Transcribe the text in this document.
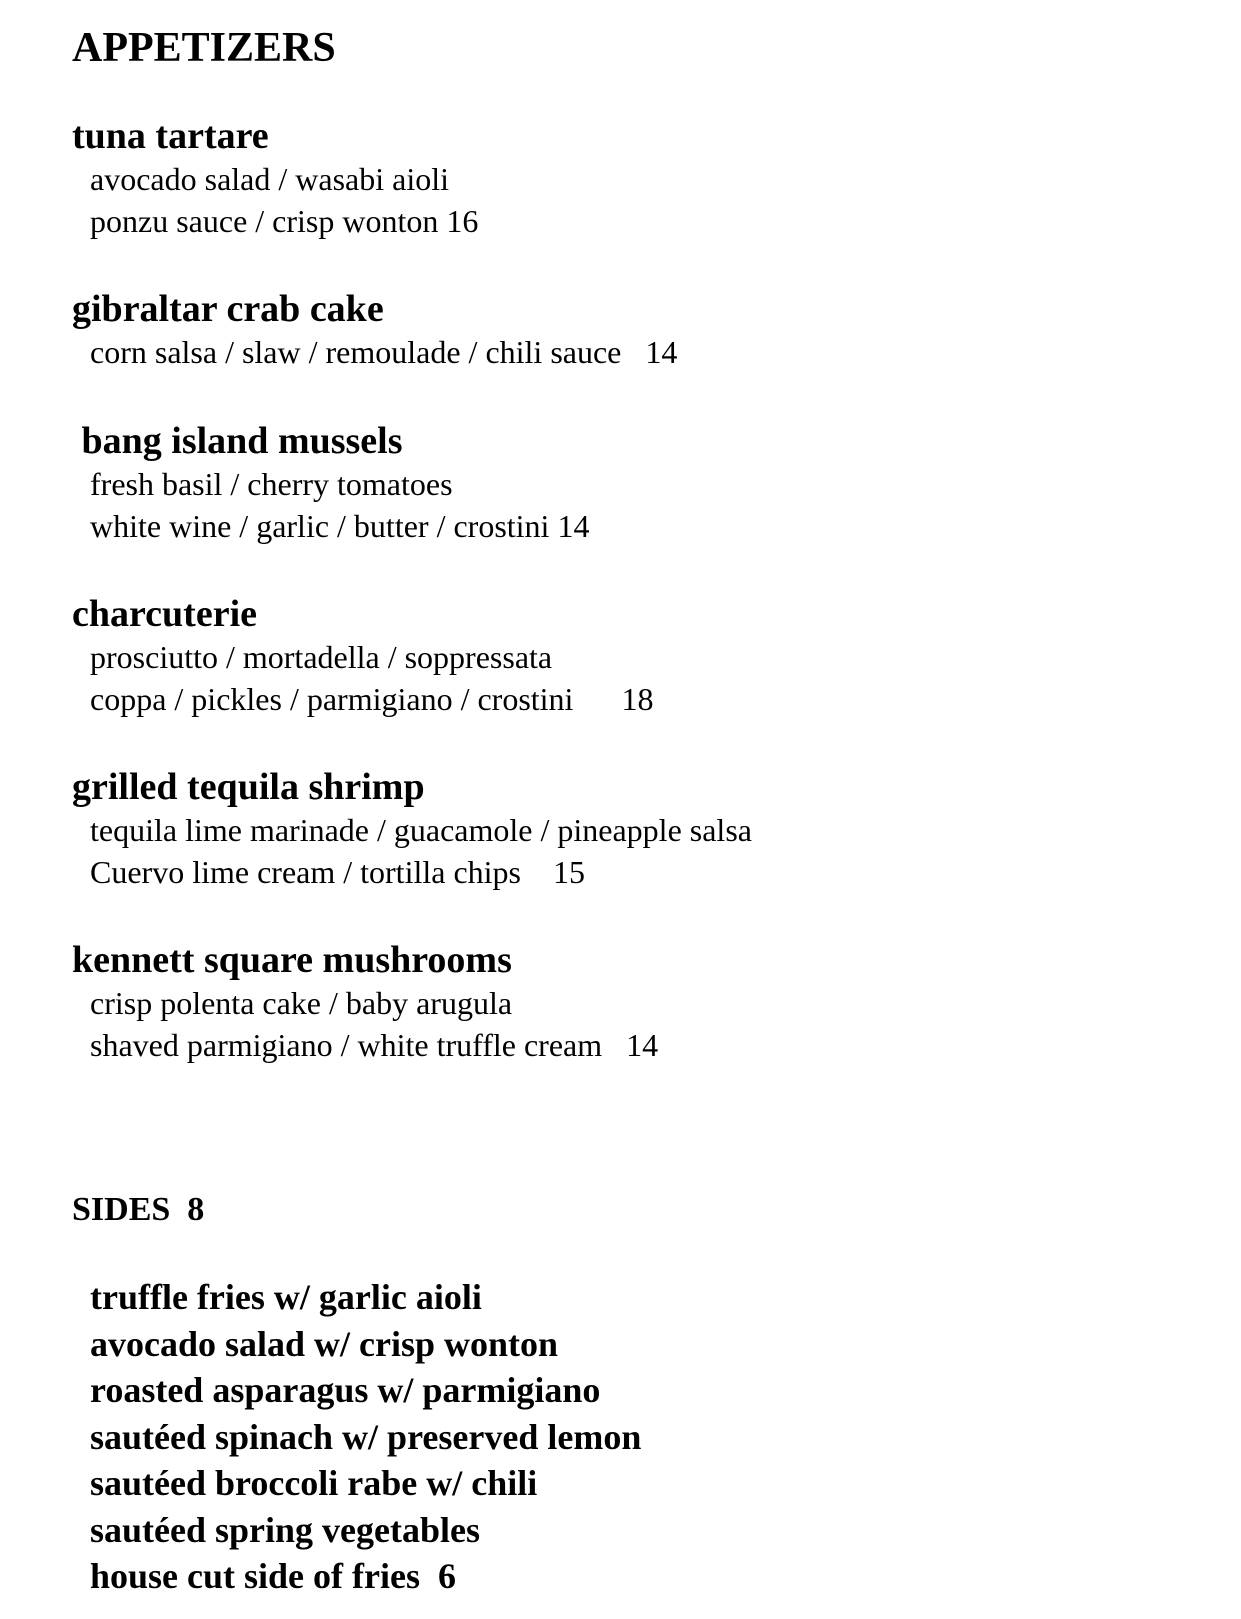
APPETIZERS

tuna tartare

avocado salad / wasabi aioli

ponzu sauce / crisp wonton 16

gibraltar crab cake

corn salsa / slaw / remoulade / chili sauce   14

bang island mussels

fresh basil / cherry tomatoes

white wine / garlic / butter / crostini 14

charcuterie

prosciutto / mortadella / soppressata

coppa / pickles / parmigiano / crostini      18

grilled tequila shrimp

tequila lime marinade / guacamole / pineapple salsa

Cuervo lime cream / tortilla chips    15

kennett square mushrooms

crisp polenta cake / baby arugula

shaved parmigiano / white truffle cream   14

SIDES  8
truffle fries w/ garlic aioli
avocado salad w/ crisp wonton
roasted asparagus w/ parmigiano
sautéed spinach w/ preserved lemon
sautéed broccoli rabe w/ chili
sautéed spring vegetables
house cut side of fries  6
